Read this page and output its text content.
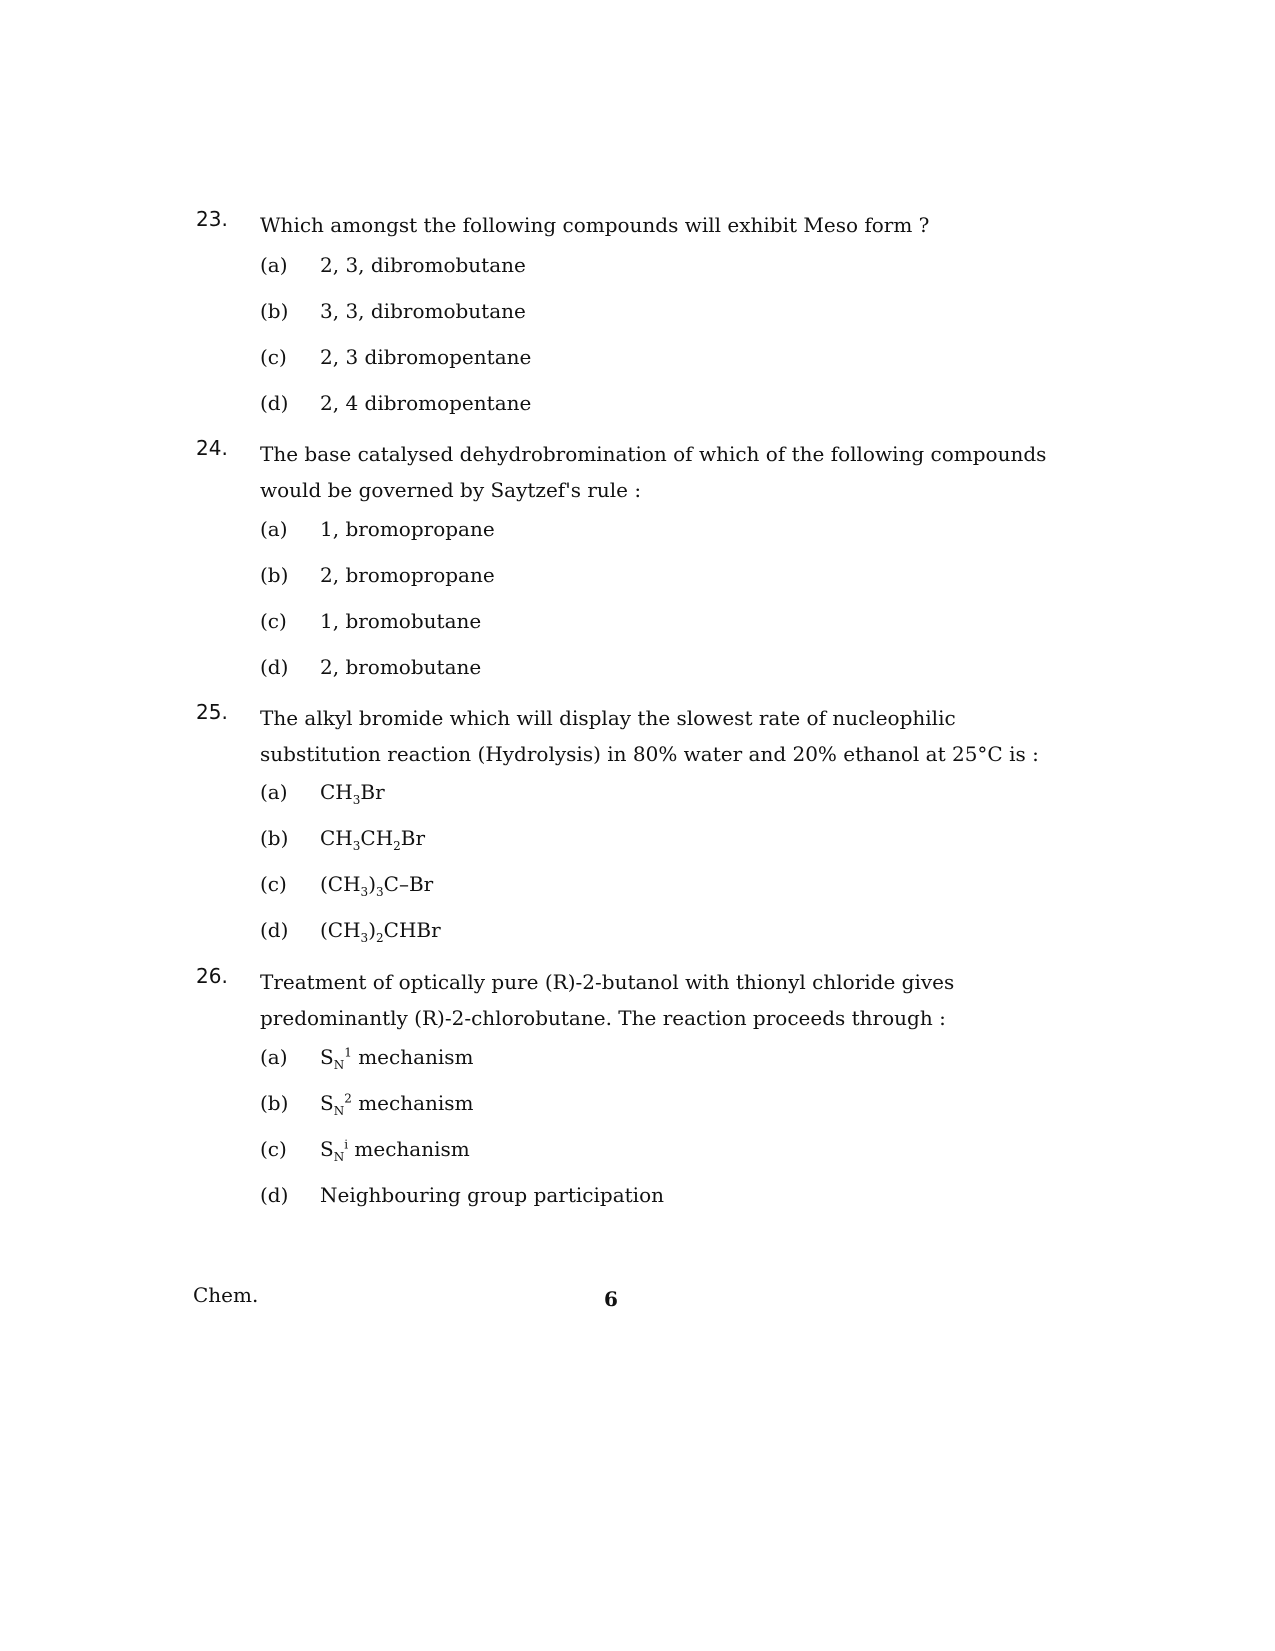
23. Which amongst the following compounds will exhibit Meso form ?

(a) 2, 3, dibromobutane
(b) 3, 3, dibromobutane
(c) 2, 3 dibromopentane
(d) 2, 4 dibromopentane
24. The base catalysed dehydrobromination of which of the following compounds would be governed by Saytzef's rule :

(a) 1, bromopropane
(b) 2, bromopropane
(c) 1, bromobutane
(d) 2, bromobutane
25. The alkyl bromide which will display the slowest rate of nucleophilic substitution reaction (Hydrolysis) in 80% water and 20% ethanol at 25°C is :

(a) $CH_3Br$
(b) $CH_3CH_2Br$
(c) $(CH_3)_3C-Br$
(d) $(CH_3)_2CHBr$
26. Treatment of optically pure (R)-2-butanol with thionyl chloride gives predominantly (R)-2-chlorobutane. The reaction proceeds through :

(a) $S_N^1$ mechanism
(b) $S_N^2$ mechanism
(c) $S_N^i$ mechanism
(d) Neighbouring group participation
Chem.	6
